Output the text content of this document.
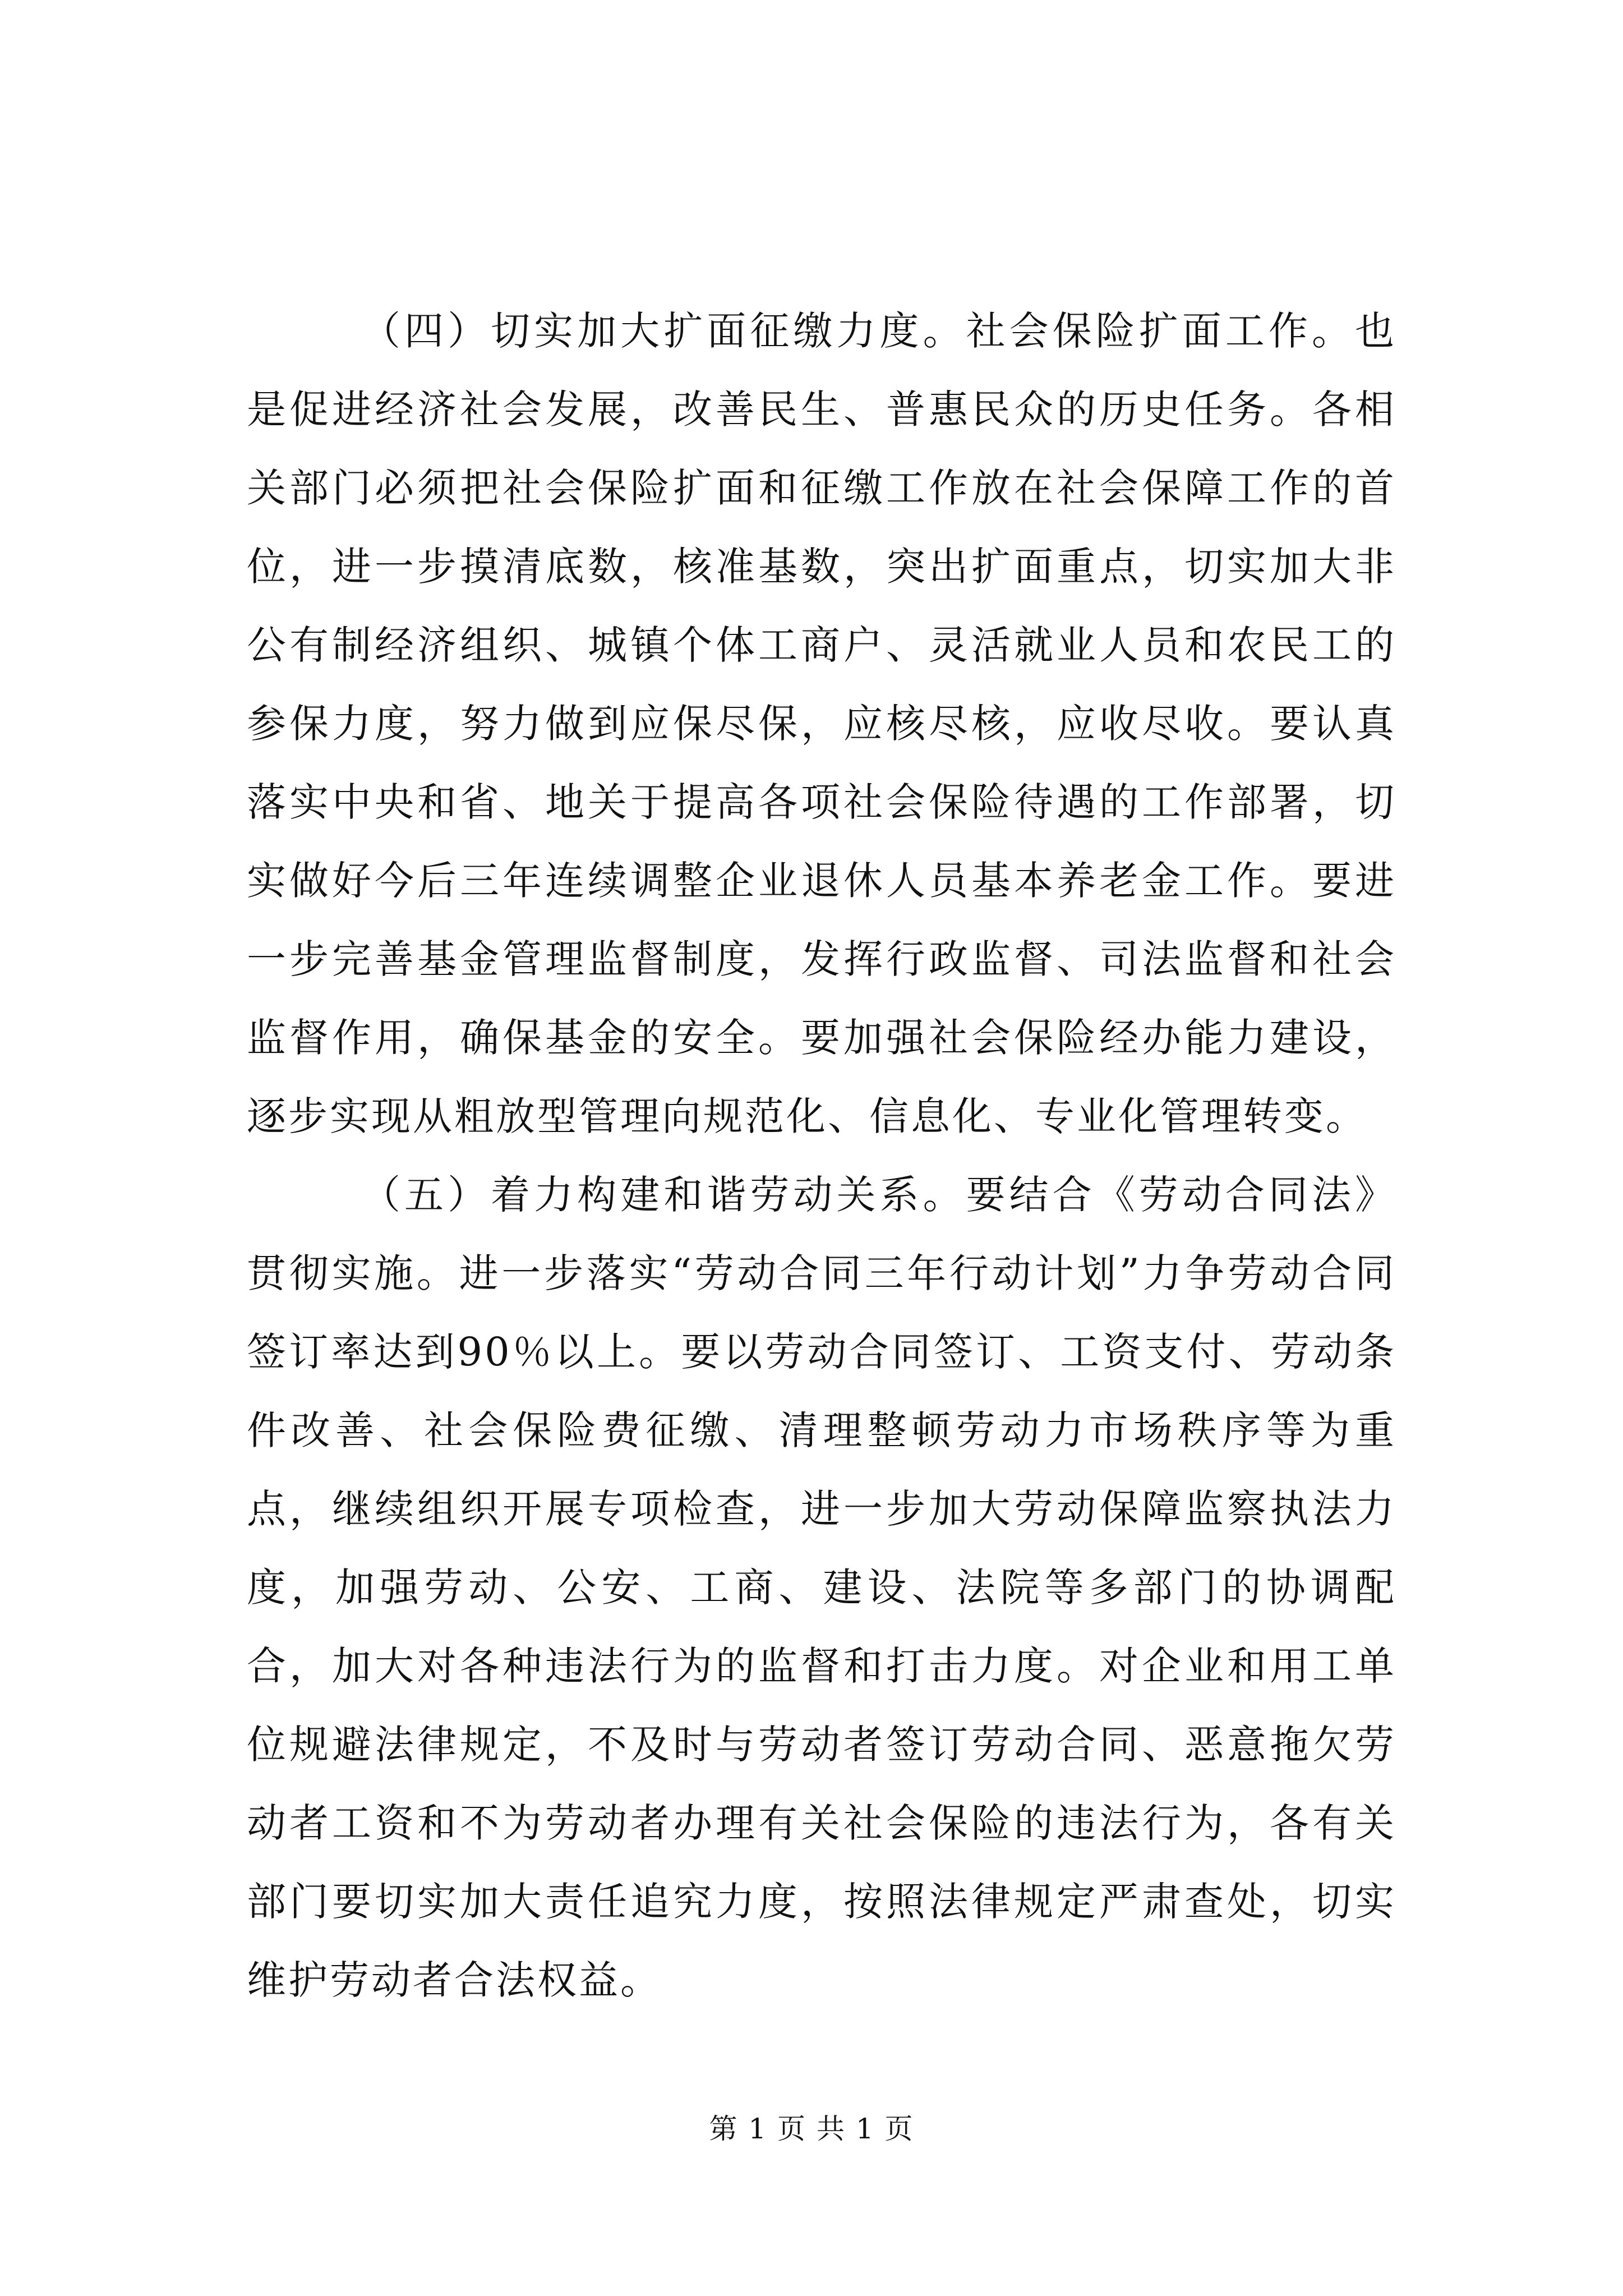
（四）切实加大扩面征缴力度。社会保险扩面工作。也是促进经济社会发展，改善民生、普惠民众的历史任务。各相关部门必须把社会保险扩面和征缴工作放在社会保障工作的首位，进一步摸清底数，核准基数，突出扩面重点，切实加大非公有制经济组织、城镇个体工商户、灵活就业人员和农民工的参保力度，努力做到应保尽保，应核尽核，应收尽收。要认真落实中央和省、地关于提高各项社会保险待遇的工作部署，切实做好今后三年连续调整企业退休人员基本养老金工作。要进一步完善基金管理监督制度，发挥行政监督、司法监督和社会监督作用，确保基金的安全。要加强社会保险经办能力建设，逐步实现从粗放型管理向规范化、信息化、专业化管理转变。

（五）着力构建和谐劳动关系。要结合《劳动合同法》贯彻实施。进一步落实“劳动合同三年行动计划”力争劳动合同签订率达到90％以上。要以劳动合同签订、工资支付、劳动条件改善、社会保险费征缴、清理整顿劳动力市场秩序等为重点，继续组织开展专项检查，进一步加大劳动保障监察执法力度，加强劳动、公安、工商、建设、法院等多部门的协调配合，加大对各种违法行为的监督和打击力度。对企业和用工单位规避法律规定，不及时与劳动者签订劳动合同、恶意拖欠劳动者工资和不为劳动者办理有关社会保险的违法行为，各有关部门要切实加大责任追究力度，按照法律规定严肃查处，切实维护劳动者合法权益。

第 1 页 共 1 页
